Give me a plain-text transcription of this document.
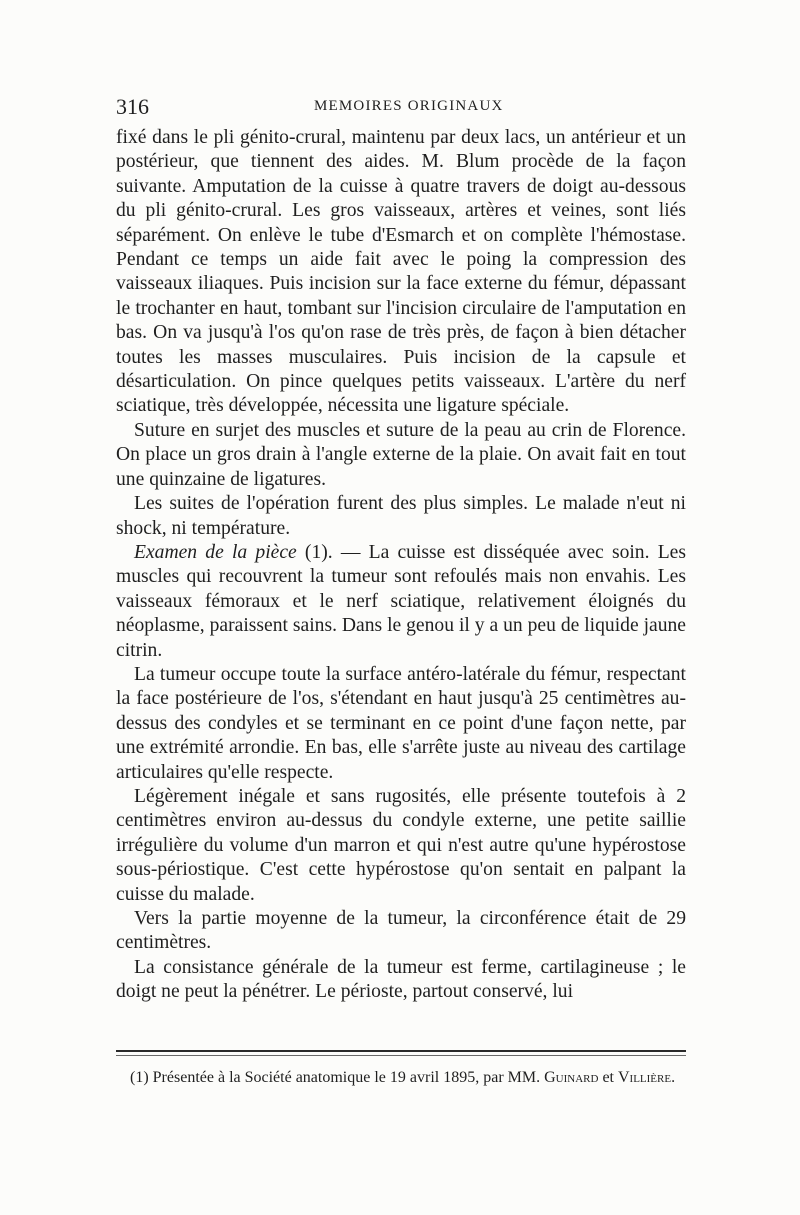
316	MEMOIRES ORIGINAUX

fixé dans le pli génito-crural, maintenu par deux lacs, un antérieur et un postérieur, que tiennent des aides. M. Blum procède de la façon suivante. Amputation de la cuisse à quatre travers de doigt au-dessous du pli génito-crural. Les gros vaisseaux, artères et veines, sont liés séparément. On enlève le tube d'Esmarch et on complète l'hémostase. Pendant ce temps un aide fait avec le poing la compression des vaisseaux iliaques. Puis incision sur la face externe du fémur, dépassant le trochanter en haut, tombant sur l'incision circulaire de l'amputation en bas. On va jusqu'à l'os qu'on rase de très près, de façon à bien détacher toutes les masses musculaires. Puis incision de la capsule et désarticulation. On pince quelques petits vaisseaux. L'artère du nerf sciatique, très développée, nécessita une ligature spéciale.

Suture en surjet des muscles et suture de la peau au crin de Florence. On place un gros drain à l'angle externe de la plaie. On avait fait en tout une quinzaine de ligatures.

Les suites de l'opération furent des plus simples. Le malade n'eut ni shock, ni température.

Examen de la pièce (1). — La cuisse est disséquée avec soin. Les muscles qui recouvrent la tumeur sont refoulés mais non envahis. Les vaisseaux fémoraux et le nerf sciatique, relativement éloignés du néoplasme, paraissent sains. Dans le genou il y a un peu de liquide jaune citrin.

La tumeur occupe toute la surface antéro-latérale du fémur, respectant la face postérieure de l'os, s'étendant en haut jusqu'à 25 centimètres au-dessus des condyles et se terminant en ce point d'une façon nette, par une extrémité arrondie. En bas, elle s'arrête juste au niveau des cartilage articulaires qu'elle respecte.

Légèrement inégale et sans rugosités, elle présente toutefois à 2 centimètres environ au-dessus du condyle externe, une petite saillie irrégulière du volume d'un marron et qui n'est autre qu'une hypérostose sous-périostique. C'est cette hypérostose qu'on sentait en palpant la cuisse du malade.

Vers la partie moyenne de la tumeur, la circonférence était de 29 centimètres.

La consistance générale de la tumeur est ferme, cartilagineuse ; le doigt ne peut la pénétrer. Le périoste, partout conservé, lui

(1) Présentée à la Société anatomique le 19 avril 1895, par MM. Guinard et Villière.
